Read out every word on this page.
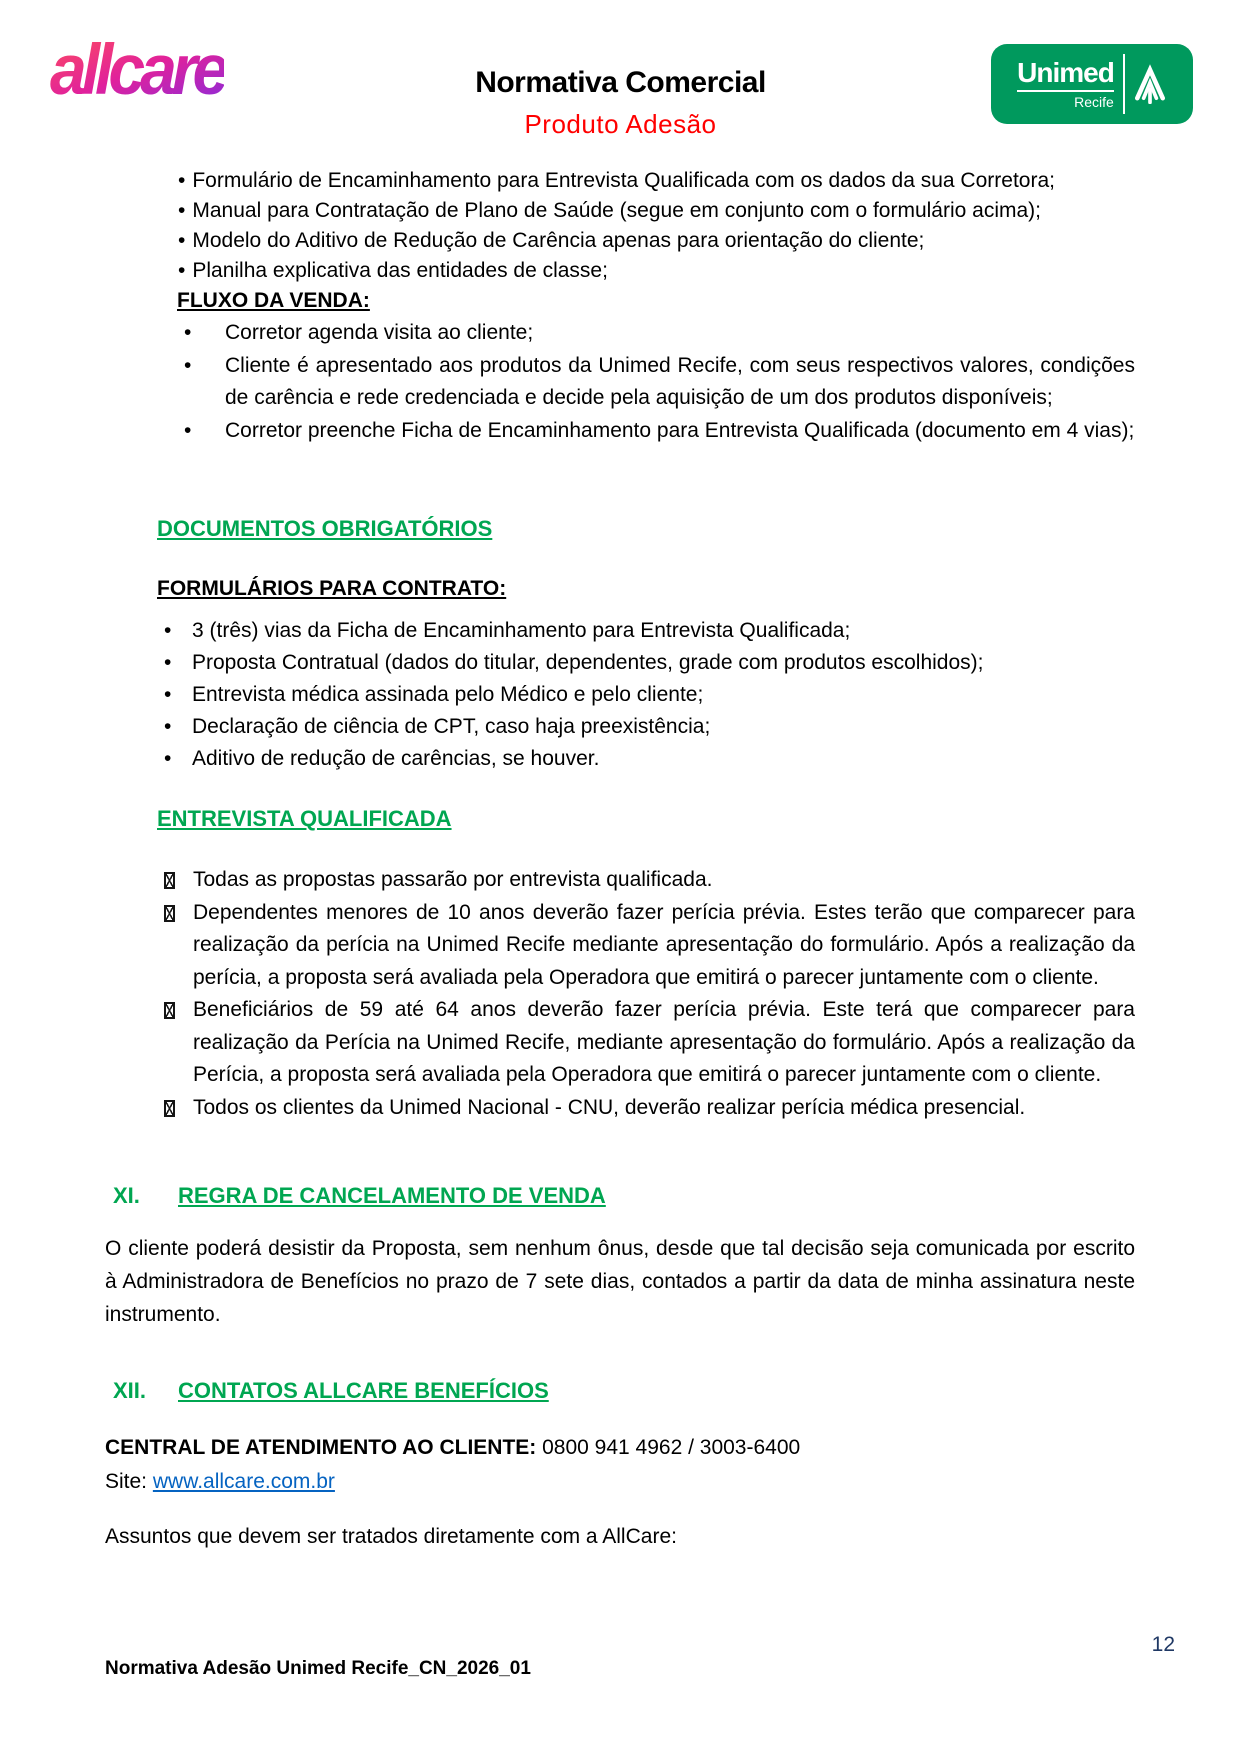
allcare	Normativa Comercial
Produto Adesão
Unimed
Recife
• Formulário de Encaminhamento para Entrevista Qualificada com os dados da sua Corretora;
• Manual para Contratação de Plano de Saúde (segue em conjunto com o formulário acima);
• Modelo do Aditivo de Redução de Carência apenas para orientação do cliente;
• Planilha explicativa das entidades de classe;
FLUXO DA VENDA:
• Corretor agenda visita ao cliente;
• Cliente é apresentado aos produtos da Unimed Recife, com seus respectivos valores, condições de carência e rede credenciada e decide pela aquisição de um dos produtos disponíveis;
• Corretor preenche Ficha de Encaminhamento para Entrevista Qualificada (documento em 4 vias);
DOCUMENTOS OBRIGATÓRIOS
FORMULÁRIOS PARA CONTRATO:
• 3 (três) vias da Ficha de Encaminhamento para Entrevista Qualificada;
• Proposta Contratual (dados do titular, dependentes, grade com produtos escolhidos);
• Entrevista médica assinada pelo Médico e pelo cliente;
• Declaração de ciência de CPT, caso haja preexistência;
• Aditivo de redução de carências, se houver.
ENTREVISTA QUALIFICADA
Todas as propostas passarão por entrevista qualificada.
Dependentes menores de 10 anos deverão fazer perícia prévia. Estes terão que comparecer para realização da perícia na Unimed Recife mediante apresentação do formulário. Após a realização da perícia, a proposta será avaliada pela Operadora que emitirá o parecer juntamente com o cliente.
Beneficiários de 59 até 64 anos deverão fazer perícia prévia. Este terá que comparecer para realização da Perícia na Unimed Recife, mediante apresentação do formulário. Após a realização da Perícia, a proposta será avaliada pela Operadora que emitirá o parecer juntamente com o cliente.
Todos os clientes da Unimed Nacional - CNU, deverão realizar perícia médica presencial.
XI.	REGRA DE CANCELAMENTO DE VENDA

O cliente poderá desistir da Proposta, sem nenhum ônus, desde que tal decisão seja comunicada por escrito à Administradora de Benefícios no prazo de 7 sete dias, contados a partir da data de minha assinatura neste instrumento.

XII.	CONTATOS ALLCARE BENEFÍCIOS
CENTRAL DE ATENDIMENTO AO CLIENTE: 0800 941 4962 / 3003-6400
Site: www.allcare.com.br
Assuntos que devem ser tratados diretamente com a AllCare:
12
Normativa Adesão Unimed Recife_CN_2026_01
